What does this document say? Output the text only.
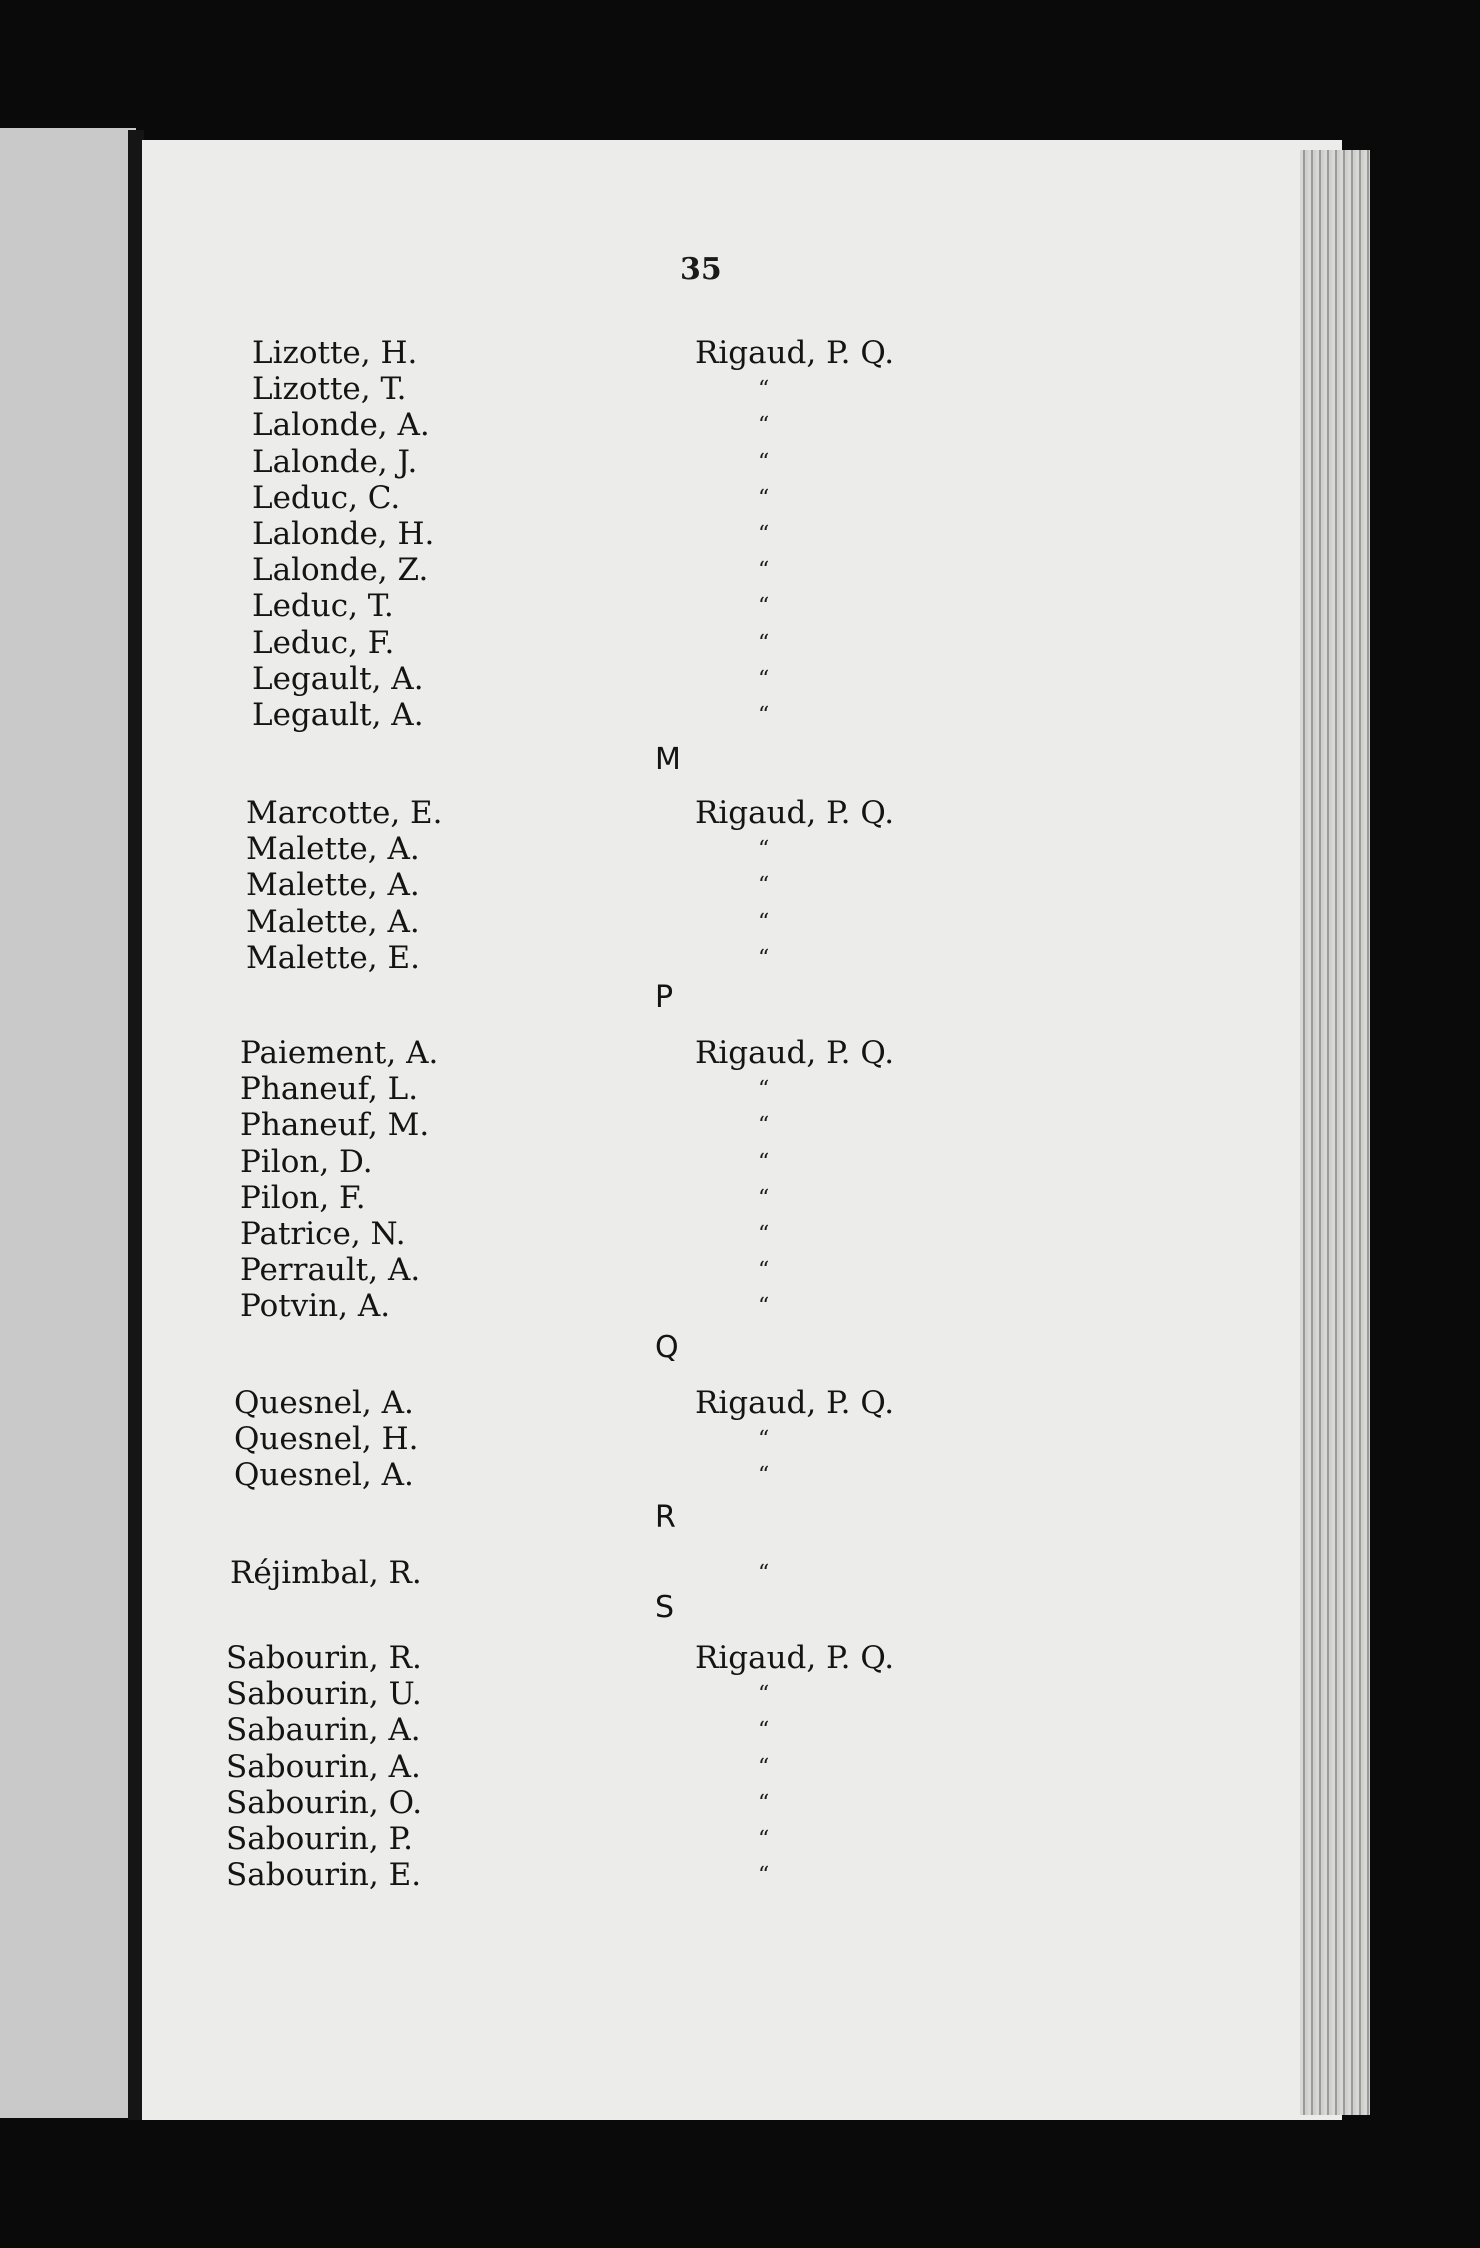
35
Lizotte, H.	Rigaud, P. Q.
Lizotte, T.	“
Lalonde, A.	“
Lalonde, J.	“
Leduc, C.	“
Lalonde, H.	“
Lalonde, Z.	“
Leduc, T.	“
Leduc, F.	“
Legault, A.	“
Legault, A.	“
M
Marcotte, E.	Rigaud, P. Q.
Malette, A.	“
Malette, A.	“
Malette, A.	“
Malette, E.	“
P
Paiement, A.	Rigaud, P. Q.
Phaneuf, L.	“
Phaneuf, M.	“
Pilon, D.	“
Pilon, F.	“
Patrice, N.	“
Perrault, A.	“
Potvin, A.	“
Q
Quesnel, A.	Rigaud, P. Q.
Quesnel, H.	“
Quesnel, A.	“
R
Réjimbal, R.	“
S
Sabourin, R.	Rigaud, P. Q.
Sabourin, U.	“
Sabaurin, A.	“
Sabourin, A.	“
Sabourin, O.	“
Sabourin, P.	“
Sabourin, E.	“
